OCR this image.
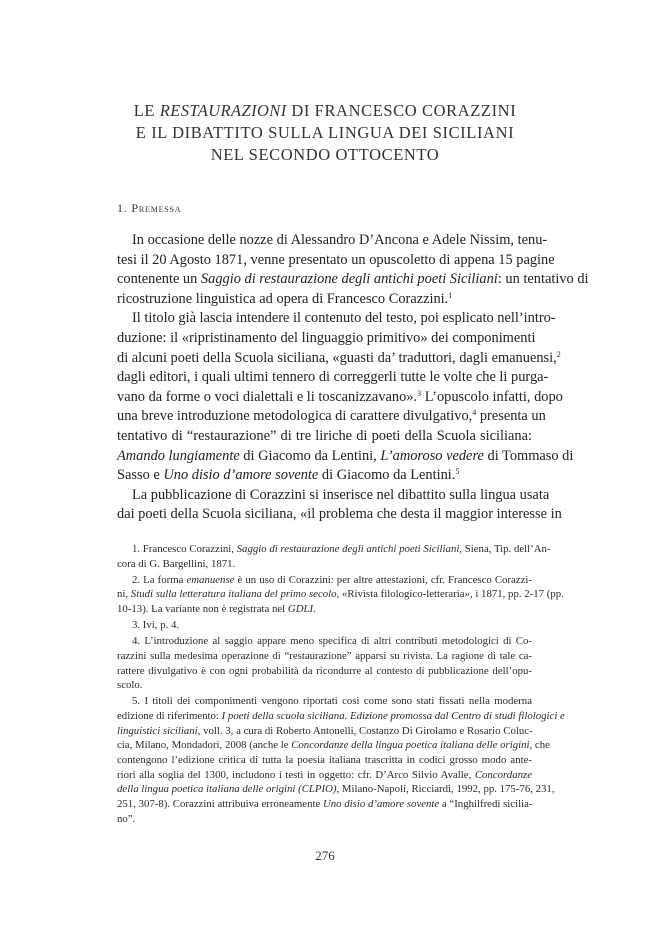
LE RESTAURAZIONI DI FRANCESCO CORAZZINI
E IL DIBATTITO SULLA LINGUA DEI SICILIANI
NEL SECONDO OTTOCENTO
1. Premessa
In occasione delle nozze di Alessandro D’Ancona e Adele Nissim, tenu-
tesi il 20 Agosto 1871, venne presentato un opuscoletto di appena 15 pagine
contenente un Saggio di restaurazione degli antichi poeti Siciliani: un tentativo di
ricostruzione linguistica ad opera di Francesco Corazzini.$^1$
Il titolo già lascia intendere il contenuto del testo, poi esplicato nell’intro-
duzione: il «ripristinamento del linguaggio primitivo» dei componimenti
di alcuni poeti della Scuola siciliana, «guasti da’ traduttori, dagli emanuensi,$^2$
dagli editori, i quali ultimi tennero di correggerli tutte le volte che li purga-
vano da forme o voci dialettali e li toscanizzavano».$^3$ L’opuscolo infatti, dopo
una breve introduzione metodologica di carattere divulgativo,$^4$ presenta un
tentativo di “restaurazione” di tre liriche di poeti della Scuola siciliana:
Amando lungiamente di Giacomo da Lentini, L’amoroso vedere di Tommaso di
Sasso e Uno disio d’amore sovente di Giacomo da Lentini.$^5$
La pubblicazione di Corazzini si inserisce nel dibattito sulla lingua usata
dai poeti della Scuola siciliana, «il problema che desta il maggior interesse in
1. Francesco Corazzini, Saggio di restaurazione degli antichi poeti Siciliani, Siena, Tip. dell’An-
cora di G. Bargellini, 1871.
2. La forma emanuense è un uso di Corazzini: per altre attestazioni, cfr. Francesco Corazzi-
ni, Studi sulla letteratura italiana del primo secolo, «Rivista filologico-letteraria», i 1871, pp. 2-17 (pp.
10-13). La variante non è registrata nel GDLI.
3. Ivi, p. 4.
4. L’introduzione al saggio appare meno specifica di altri contributi metodologici di Co-
razzini sulla medesima operazione di “restaurazione” apparsi su rivista. La ragione di tale ca-
rattere divulgativo è con ogni probabilità da ricondurre al contesto di pubblicazione dell’opu-
scolo.
5. I titoli dei componimenti vengono riportati così come sono stati fissati nella moderna
edizione di riferimento: I poeti della scuola siciliana. Edizione promossa dal Centro di studi filologici e
linguistici siciliani, voll. 3, a cura di Roberto Antonelli, Costanzo Di Girolamo e Rosario Coluc-
cia, Milano, Mondadori, 2008 (anche le Concordanze della lingua poetica italiana delle origini, che
contengono l’edizione critica di tutta la poesia italiana trascritta in codici grosso modo ante-
riori alla soglia del 1300, includono i testi in oggetto: cfr. D’Arco Silvio Avalle, Concordanze
della lingua poetica italiana delle origini (CLPIO), Milano-Napoli, Ricciardi, 1992, pp. 175-76, 231,
251, 307-8). Corazzini attribuiva erroneamente Uno disio d’amore sovente a “Inghilfredi sicilia-
no”.
276
